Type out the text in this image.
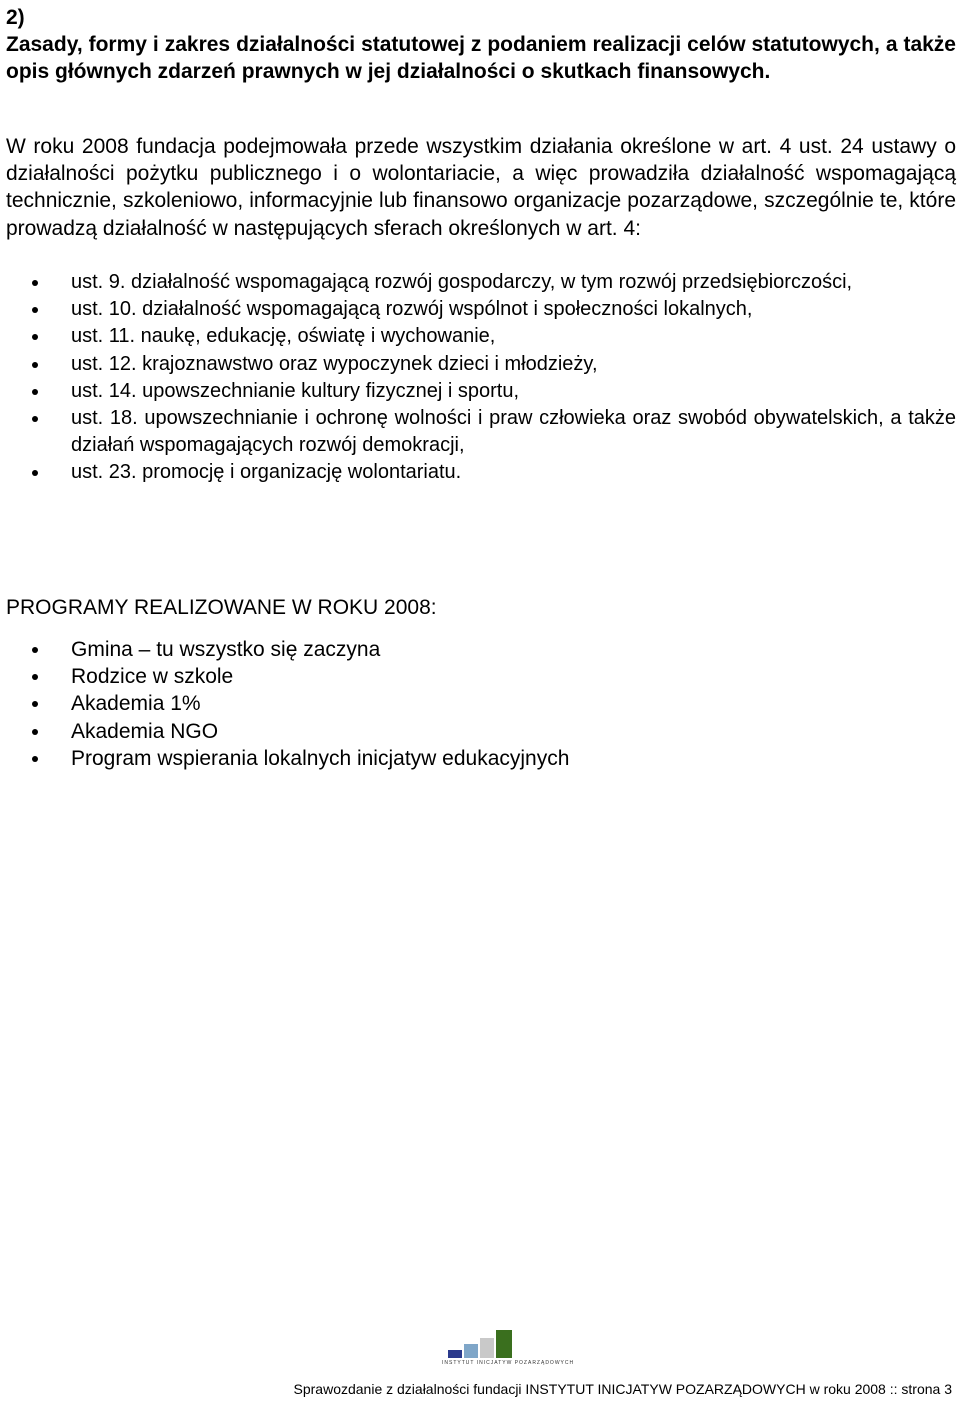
2)
Zasady, formy i zakres działalności statutowej z podaniem realizacji celów statutowych, a także opis głównych zdarzeń prawnych w jej działalności o skutkach finansowych.
W roku 2008 fundacja podejmowała przede wszystkim działania określone w art. 4 ust. 24 ustawy o działalności pożytku publicznego i o wolontariacie, a więc prowadziła działalność wspomagającą technicznie, szkoleniowo, informacyjnie lub finansowo organizacje pozarządowe, szczególnie te, które prowadzą działalność w następujących sferach określonych w art. 4:
ust. 9. działalność wspomagającą rozwój gospodarczy, w tym rozwój przedsiębiorczości,
ust. 10. działalność wspomagającą rozwój wspólnot i społeczności lokalnych,
ust. 11. naukę, edukację, oświatę i wychowanie,
ust. 12. krajoznawstwo oraz wypoczynek dzieci i młodzieży,
ust. 14. upowszechnianie kultury fizycznej i sportu,
ust. 18. upowszechnianie i ochronę wolności i praw człowieka oraz swobód obywatelskich, a także działań wspomagających rozwój demokracji,
ust. 23. promocję i organizację wolontariatu.
PROGRAMY REALIZOWANE W ROKU 2008:
Gmina – tu wszystko się zaczyna
Rodzice w szkole
Akademia 1%
Akademia NGO
Program wspierania lokalnych inicjatyw edukacyjnych
INSTYTUT INICJATYW POZARZĄDOWYCH
Sprawozdanie z działalności fundacji INSTYTUT INICJATYW POZARZĄDOWYCH w roku 2008 :: strona 3
